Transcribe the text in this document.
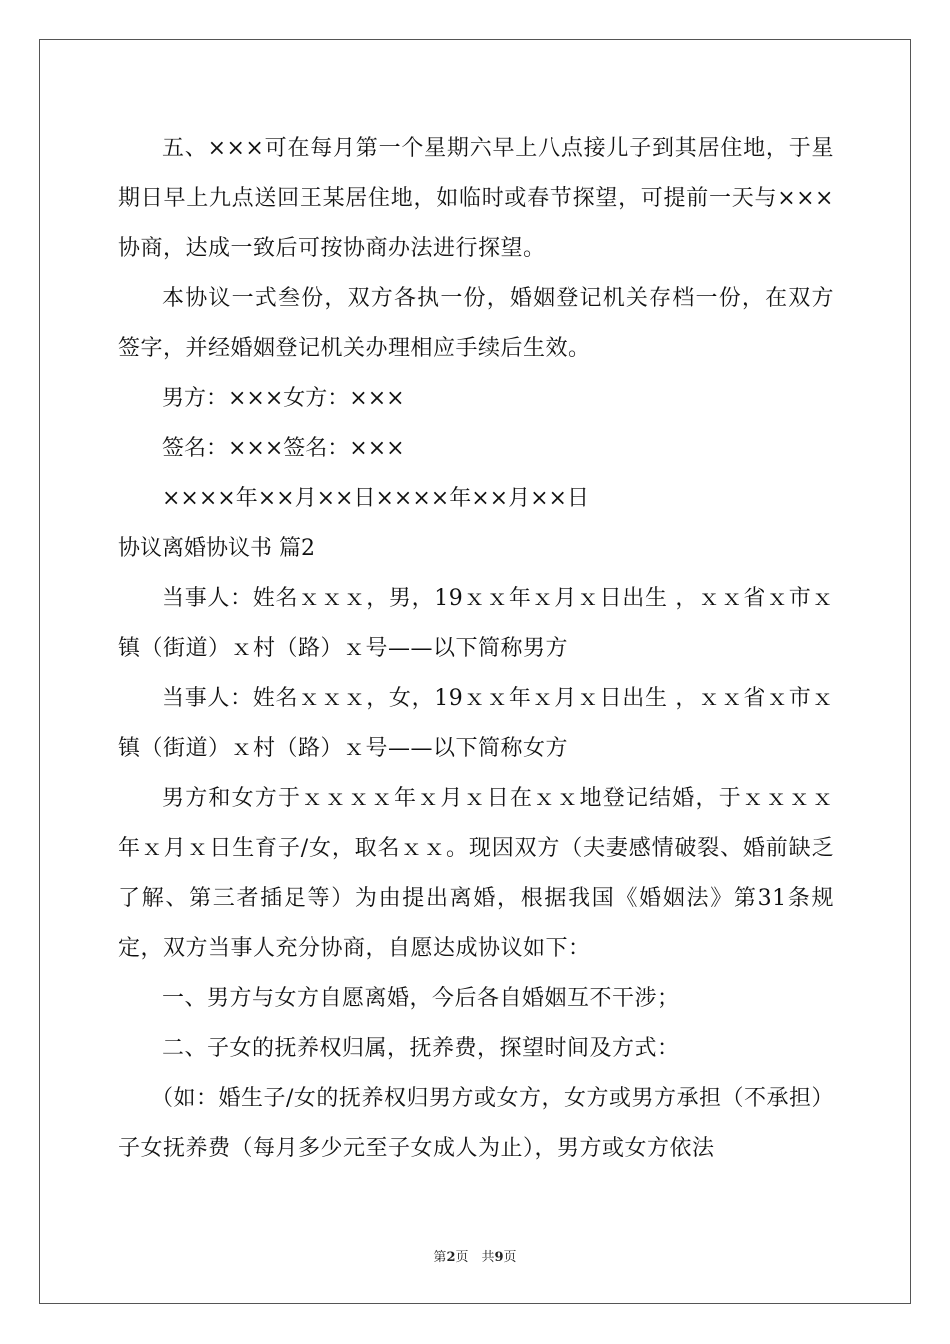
五、×××可在每月第一个星期六早上八点接儿子到其居住地，于星期日早上九点送回王某居住地，如临时或春节探望，可提前一天与×××协商，达成一致后可按协商办法进行探望。

本协议一式叁份，双方各执一份，婚姻登记机关存档一份，在双方签字，并经婚姻登记机关办理相应手续后生效。

男方：×××女方：×××
签名：×××签名：×××
××××年××月××日××××年××月××日
协议离婚协议书 篇2

当事人：姓名ｘｘｘ，男，19ｘｘ年ｘ月ｘ日出生 ，ｘｘ省ｘ市ｘ镇（街道）ｘ村（路）ｘ号——以下简称男方

当事人：姓名ｘｘｘ，女，19ｘｘ年ｘ月ｘ日出生 ，ｘｘ省ｘ市ｘ镇（街道）ｘ村（路）ｘ号——以下简称女方

男方和女方于ｘｘｘｘ年ｘ月ｘ日在ｘｘ地登记结婚，于ｘｘｘｘ年ｘ月ｘ日生育子/女，取名ｘｘ。现因双方（夫妻感情破裂、婚前缺乏了解、第三者插足等）为由提出离婚，根据我国《婚姻法》第31条规定，双方当事人充分协商，自愿达成协议如下：

一、男方与女方自愿离婚，今后各自婚姻互不干涉；

二、子女的抚养权归属，抚养费，探望时间及方式：

（如：婚生子/女的抚养权归男方或女方，女方或男方承担（不承担）子女抚养费（每月多少元至子女成人为止），男方或女方依法

第2页　共9页
